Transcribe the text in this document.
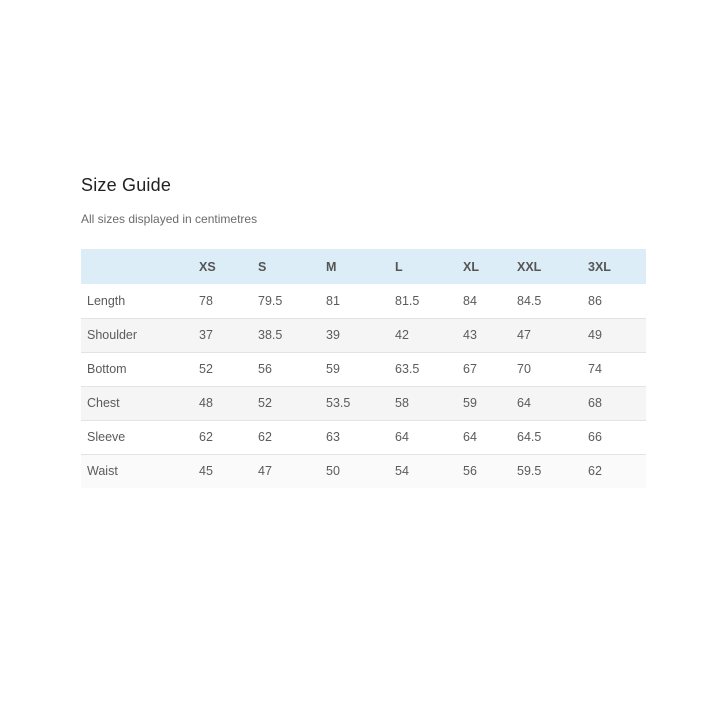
Size Guide

All sizes displayed in centimetres

	XS	S	M	L	XL	XXL	3XL
Length	78	79.5	81	81.5	84	84.5	86
Shoulder	37	38.5	39	42	43	47	49
Bottom	52	56	59	63.5	67	70	74
Chest	48	52	53.5	58	59	64	68
Sleeve	62	62	63	64	64	64.5	66
Waist	45	47	50	54	56	59.5	62
